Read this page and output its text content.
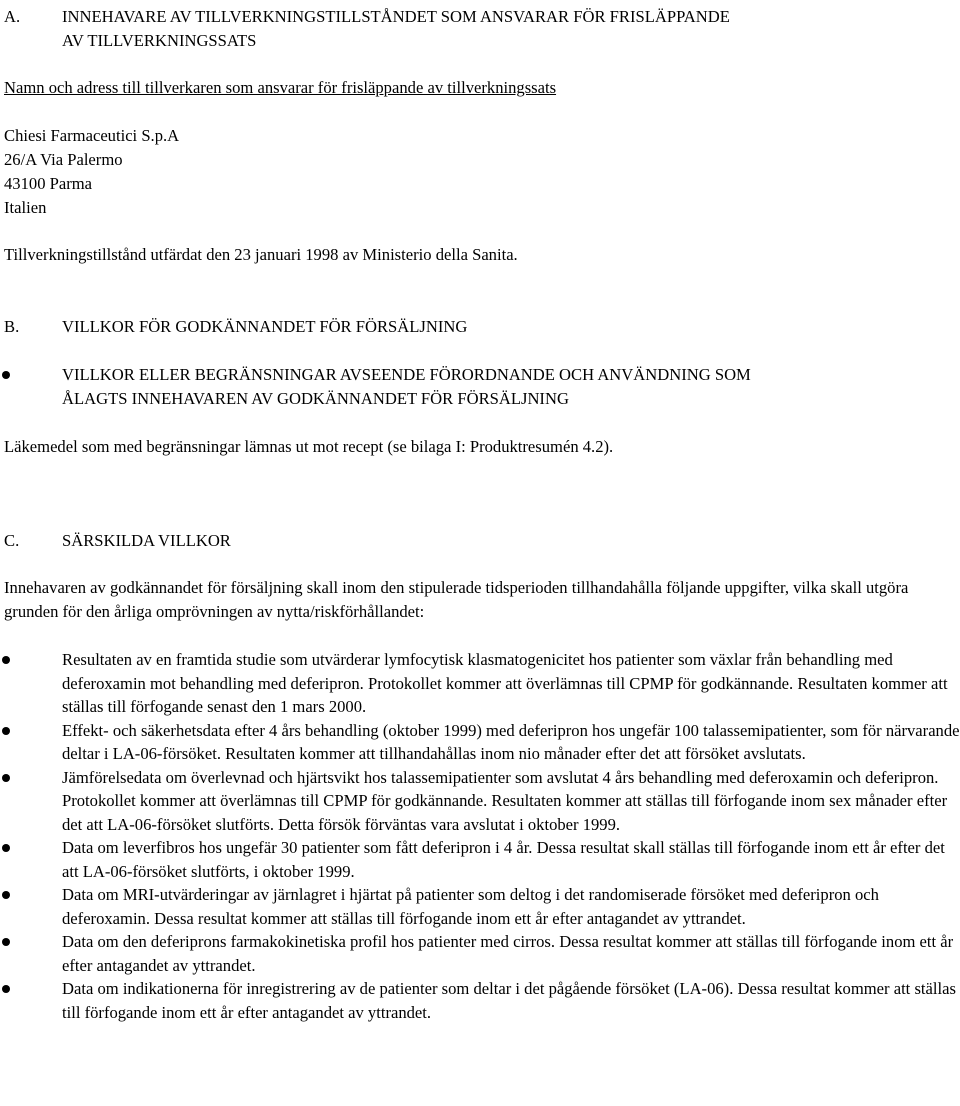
A.	INNEHAVARE AV TILLVERKNINGSTILLSTÅNDET SOM ANSVARAR FÖR FRISLÄPPANDE
AV TILLVERKNINGSSATS

Namn och adress till tillverkaren som ansvarar för frisläppande av tillverkningssats

Chiesi Farmaceutici S.p.A

26/A Via Palermo

43100 Parma

Italien

Tillverkningstillstånd utfärdat den 23 januari 1998 av Ministerio della Sanita.

B.	VILLKOR FÖR GODKÄNNANDET FÖR FÖRSÄLJNING
VILLKOR ELLER BEGRÄNSNINGAR AVSEENDE FÖRORDNANDE OCH ANVÄNDNING SOM
ÅLAGTS INNEHAVAREN AV GODKÄNNANDET FÖR FÖRSÄLJNING

Läkemedel som med begränsningar lämnas ut mot recept (se bilaga I: Produktresumén 4.2).

C.	SÄRSKILDA VILLKOR

Innehavaren av godkännandet för försäljning skall inom den stipulerade tidsperioden tillhandahålla följande uppgifter, vilka skall utgöra grunden för den årliga omprövningen av nytta/riskförhållandet:

Resultaten av en framtida studie som utvärderar lymfocytisk klasmatogenicitet hos patienter som växlar från behandling med deferoxamin mot behandling med deferipron. Protokollet kommer att överlämnas till CPMP för godkännande. Resultaten kommer att ställas till förfogande senast den 1 mars 2000.
Effekt- och säkerhetsdata efter 4 års behandling (oktober 1999) med deferipron hos ungefär 100 talassemipatienter, som för närvarande deltar i LA-06-försöket. Resultaten kommer att tillhandahållas inom nio månader efter det att försöket avslutats.
Jämförelsedata om överlevnad och hjärtsvikt hos talassemipatienter som avslutat 4 års behandling med deferoxamin och deferipron. Protokollet kommer att överlämnas till CPMP för godkännande. Resultaten kommer att ställas till förfogande inom sex månader efter det att LA-06-försöket slutförts. Detta försök förväntas vara avslutat i oktober 1999.
Data om leverfibros hos ungefär 30 patienter som fått deferipron i 4 år. Dessa resultat skall ställas till förfogande inom ett år efter det att LA-06-försöket slutförts, i oktober 1999.
Data om MRI-utvärderingar av järnlagret i hjärtat på patienter som deltog i det randomiserade försöket med deferipron och deferoxamin. Dessa resultat kommer att ställas till förfogande inom ett år efter antagandet av yttrandet.
Data om den deferiprons farmakokinetiska profil hos patienter med cirros. Dessa resultat kommer att ställas till förfogande inom ett år efter antagandet av yttrandet.
Data om indikationerna för inregistrering av de patienter som deltar i det pågående försöket (LA-06). Dessa resultat kommer att ställas till förfogande inom ett år efter antagandet av yttrandet.
